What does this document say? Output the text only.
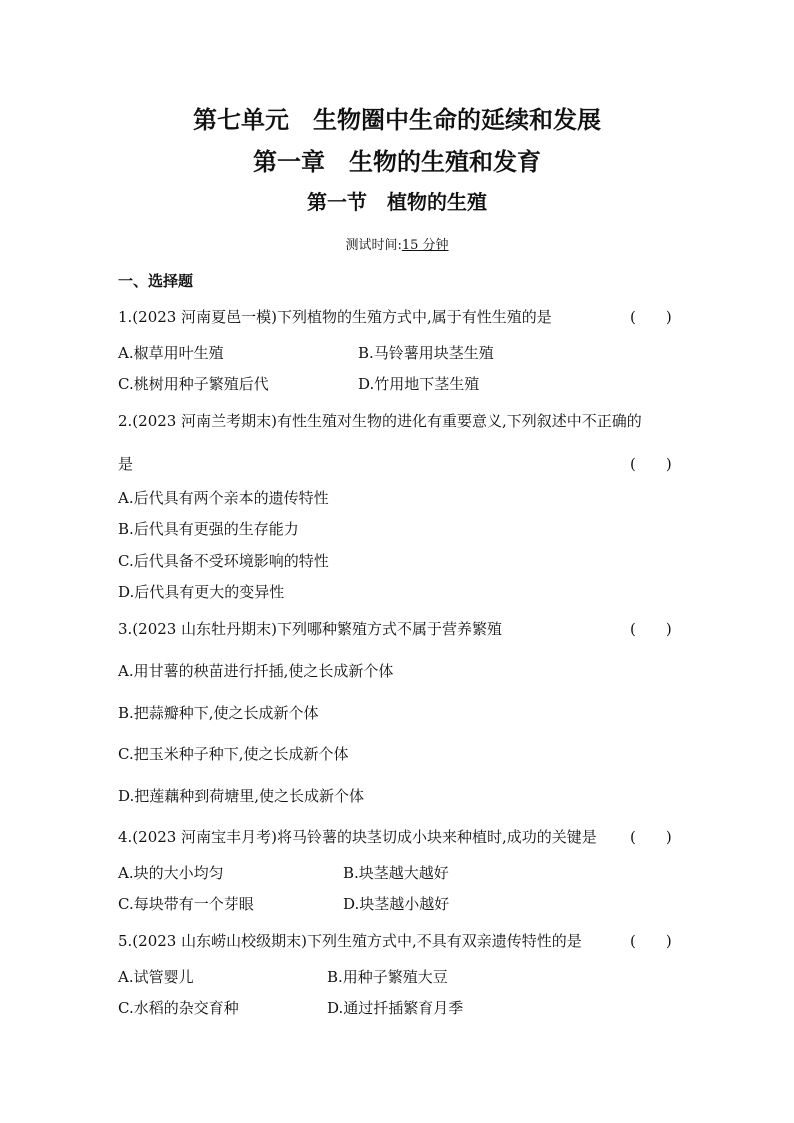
第七单元　生物圈中生命的延续和发展
第一章　生物的生殖和发育
第一节　植物的生殖
测试时间:15 分钟
一、选择题
1.(2023 河南夏邑一模)下列植物的生殖方式中,属于有性生殖的是	(　　)
A.椒草用叶生殖	B.马铃薯用块茎生殖
C.桃树用种子繁殖后代	D.竹用地下茎生殖
2.(2023 河南兰考期末)有性生殖对生物的进化有重要意义,下列叙述中不正确的
是	(　　)
A.后代具有两个亲本的遗传特性
B.后代具有更强的生存能力
C.后代具备不受环境影响的特性
D.后代具有更大的变异性
3.(2023 山东牡丹期末)下列哪种繁殖方式不属于营养繁殖	(　　)
A.用甘薯的秧苗进行扦插,使之长成新个体
B.把蒜瓣种下,使之长成新个体
C.把玉米种子种下,使之长成新个体
D.把莲藕种到荷塘里,使之长成新个体
4.(2023 河南宝丰月考)将马铃薯的块茎切成小块来种植时,成功的关键是 (　　)
A.块的大小均匀	B.块茎越大越好
C.每块带有一个芽眼	D.块茎越小越好
5.(2023 山东崂山校级期末)下列生殖方式中,不具有双亲遗传特性的是	(　　)
A.试管婴儿	B.用种子繁殖大豆
C.水稻的杂交育种	D.通过扦插繁育月季
